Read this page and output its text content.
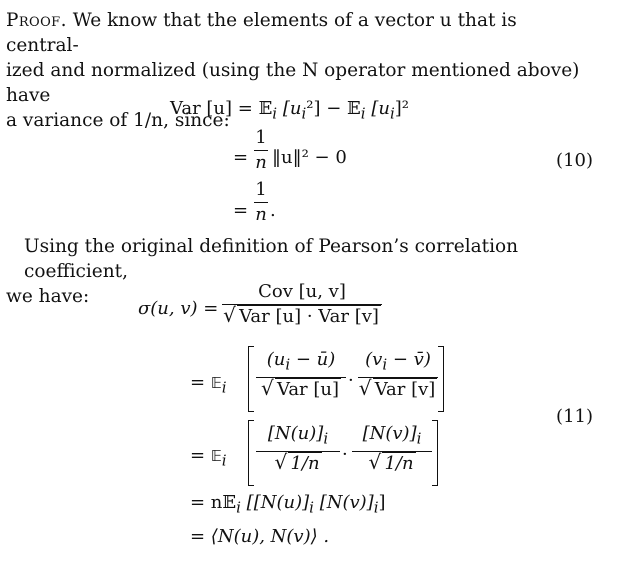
Proof. We know that the elements of a vector u that is central-
ized and normalized (using the N operator mentioned above) have
a variance of 1/n, since:
Var [u] = 𝔼$_i$ $[u_i^2]$ − 𝔼$_i$ $[u_i]^2$
=
1
n ‖u‖² − 0
=
1
n .
(10)
Using the original definition of Pearson’s correlation coefficient,
we have:
σ(u, v) =
Cov [u, v]
√ Var [u] · Var [v]
= 𝔼$_i$
($u_i$ − ū)
√ Var [u] ·
($v_i$ − v̄)
√ Var [v]
= 𝔼$_i$
$[N(u)]_i$
√ 1/n	·
$[N(v)]_i$
√ 1/n
= n𝔼$_i$ [$[N(u)]_i$ $[N(v)]_i$]
= ⟨N(u), N(v)⟩ .
(11)
